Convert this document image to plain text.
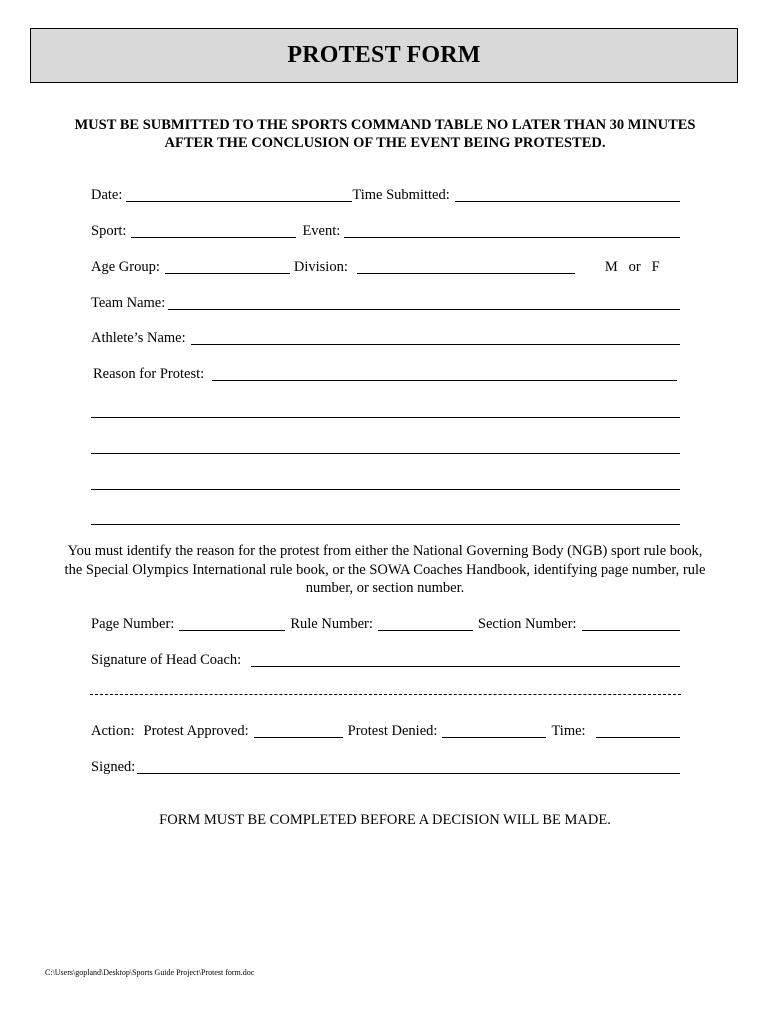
PROTEST FORM
MUST BE SUBMITTED TO THE SPORTS COMMAND TABLE NO LATER THAN 30 MINUTES
AFTER THE CONCLUSION OF THE EVENT BEING PROTESTED.
Date:	Time Submitted:
Sport:	Event:
Age Group:	Division:	M   or   F
Team Name:
Athlete’s Name:
Reason for Protest:
You must identify the reason for the protest from either the National Governing Body (NGB) sport rule book,
the Special Olympics International rule book, or the SOWA Coaches Handbook, identifying page number, rule
number, or section number.
Page Number:	Rule Number:	Section Number:
Signature of Head Coach:
Action: Protest Approved:	Protest Denied:	Time:
Signed:
FORM MUST BE COMPLETED BEFORE A DECISION WILL BE MADE.
C:\Users\gopland\Desktop\Sports Guide Project\Protest form.doc
